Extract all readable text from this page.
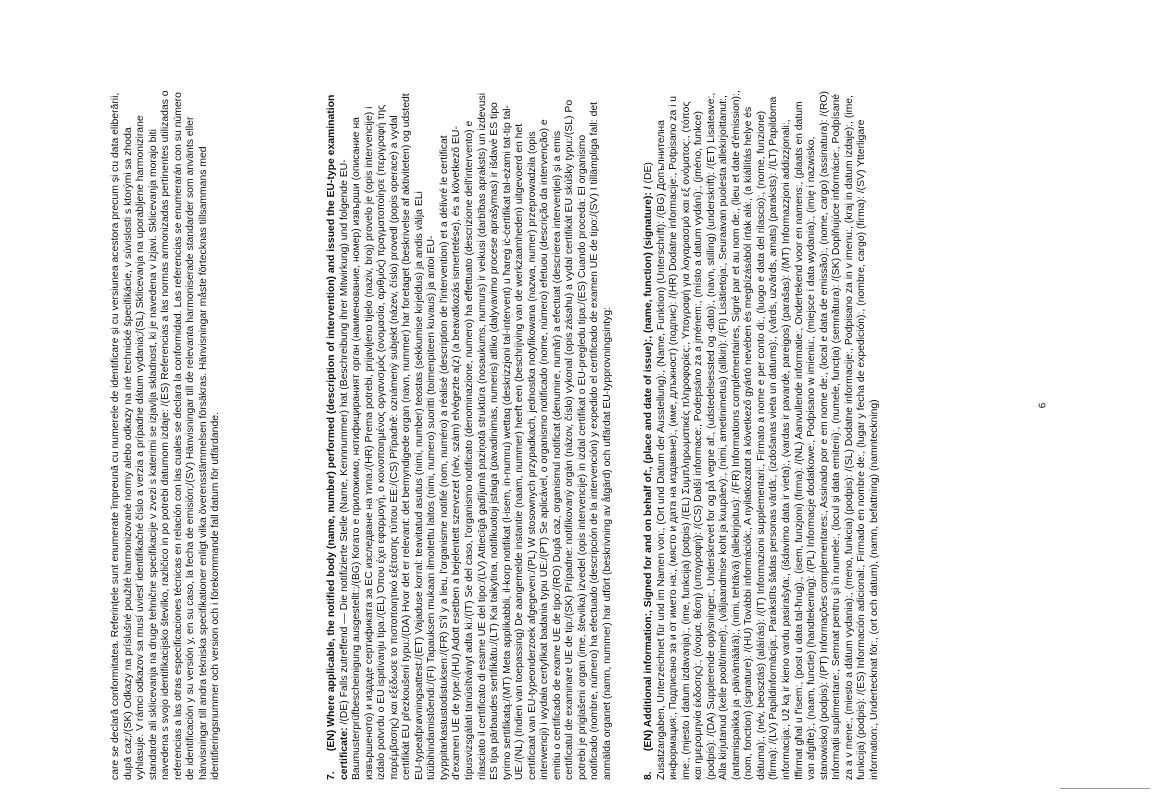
care se declară conformitatea. Referințele sunt enumerate împreună cu numerele de identificare și cu versiunea acestora precum și cu data eliberării, după caz;/(SK) Odkazy na príslušné použité harmonizované normy alebo odkazy na iné technické špecifikácie, v súvislosti s ktorými sa zhoda vyhlasuje. V rámci odkazov sa musí uviesť identifikačné číslo a verzia a prípadne dátum vydania;/(SL) Sklicevanja na uporabljene harmonizirane standarde ali sklicevanja na druge tehnične specifikacije v zvezi s katerimi se izjavlja skladnost, ki je navedena v izjavi. Sklicevanja morajo biti navedena s svojo identifikacijsko številko, različico in po potrebi datumom izdaje: /(ES) Referencias a las normas armonizadas pertinentes utilizadas o referencias a las otras especificaciones técnicas en relación con las cuales se declara la conformidad. Las referencias se enumerarán con su número de identificación y su versión y, en su caso, la fecha de emisión;/(SV) Hänvisningar till de relevanta harmoniserade standarder som använts eller hänvisningar till andra tekniska specifikationer enligt vilka överensstämmelsen försäkras. Hänvisningar måste förtecknas tillsammans med identifieringsnummer och version och i förekommande fall datum för utfärdande.	7. (EN) Where applicable, the notified body (name, number) performed (description of intervention) and issued the EU-type examination certificate: /(DE) Falls zutreffend — Die notifizierte Stelle (Name, Kennnummer) hat (Beschreibung ihrer Mitwirkung) und folgende EU-Baumusterprüfbescheinigung ausgestellt:;/(BG) Когато е приложимо, нотифицираният орган (наименование, номер) извърши (описание на извършеното) и издаде сертификата за ЕС изследване на типа:/(HR) Prema potrebi, prijavljeno tijelo (naziv, broj) provelo je (opis intervencije) i izdalo potvrdu o EU ispitivanju tipa:/(EL) Όπου έχει εφαρμογή, ο κοινοποιημένος οργανισμός (ονομασία, αριθμός) πραγματοποίησε (περιγραφή της παρέμβασης) και εξέδωσε το πιστοποιητικό εξέτασης τύπου ΕΕ:/(CS) Případně: oznámený subjekt (název, číslo) provedl (popis operace) a vydal certifikát EU přezkoušení typu:/(DA) Hvor det er relevant: det bemyndigede organ (navn, nummer) har foretaget (beskrivelse af aktiviteten) og udstedt EU-typeafprøvningsattest:/(ET) Vajaduse korral: teavitatud asutus (nimi, number) teostas (sekkumise kirjeldus) ja andis välja ELi tüübihindamistõendi:/(FI) Tapauksen mukaan ilmoitettu laitos (nimi, numero) suoritti (toimenpiteen kuvaus) ja antoi EU-tyyppitarkastustodistuksen:/(FR) S'il y a lieu, l'organisme notifié (nom, numéro) a réalisé (description de l'intervention) et a délivré le certificat d'examen UE de type:/(HU) Adott esetben a bejelentett szervezet (név, szám) elvégezte a(z) (a beavatkozás ismertetése), és a következő EU-típusvizsgálati tanúsítványt adta ki:/(IT) Se del caso, l'organismo notificato (denominazione, numero) ha effettuato (descrizione dell'intervento) e rilasciato il certificato di esame UE del tipo:/(LV) Attiecīgā gadījumā paziņotā struktūra (nosaukums, numurs) ir veikusi (darbības apraksts) un izdevusi ES tipa pārbaudes sertifikātu:/(LT) Kai taikytina, notifikuotoji įstaiga (pavadinimas, numeris) atliko (dalyvavimo procese aprašymas) ir išdavė ES tipo tyrimo sertifikatą:/(MT) Meta applikabbli, il-korp notifikat (l-isem, in-numru) wettaq (deskrizzjoni tal-intervent) u ħareġ iċ-ċertifikat tal-eżami tat-tip tal-UE:/(NL) (Indien van toepassing) De aangemelde instantie (naam, nummer) heeft een (beschrijving van de werkzaamheden) uitgevoerd en het certificaat van EU-typeonderzoek afgegeven:/(PL) W stosownych przypadkach, jednostka notyfikowana (nazwa, numer) przeprowadziła (opis interwencji) i wydała certyfikat badania typu UE:/(PT) Se aplicável, o organismo notificado (nome, número) efetuou (descrição da intervenção) e emitiu o certificado de exame UE de tipo:/(RO) După caz, organismul notificat (denumire, număr) a efectuat (descrierea intervenției) și a emis certificatul de examinare UE de tip:/(SK) Prípadne: notifikovaný orgán (názov, číslo) vykonal (opis zásahu) a vydal certifikát EU skúšky typu:/(SL) Po potrebi je priglašeni organ (ime, številka) izvedel (opis intervencije) in izdal certifikat o EU-pregledu tipa:/(ES) Cuando proceda: El organismo notificado (nombre, número) ha efectuado (descripción de la intervención) y expedido el certificado de examen UE de tipo:/(SV) I tillämpliga fall: det anmälda organet (namn, nummer) har utfört (beskrivning av åtgärd) och utfärdat EU-typprovningsintyg:	8. (EN) Additional information:, Signed for and on behalf of:, (place and date of issue):, (name, function) (signature): / (DE) Zusatzangaben, Unterzeichnet für und im Namen von:, (Ort und Datum der Ausstellung):, (Name, Funktion) (Unterschrift): /(BG) Допълнителна информация:, Подписано за и от името на:, (място и дата на издаване):, (име, длъжност) (подпис): /(HR) Dodatne informacije:, Potpisano za i u ime:, (mjesto i datum izdavanja):, (ime, funkcija) (potpis) /(EL) Συμπληρωματικές πληροφορίες:, Υπογραφή για λογαριασμό και εξ ονόματος:, (τόπος και ημερομηνία έκδοσης):, (όνομα, θέση) (υπογραφή): /(CS) Další informace:, Podepsáno za a jménem:, (místo a datum vydání):, (jméno, funkce) (podpis): /(DA) Supplerende oplysninger:, Underskrevet for og på vegne af:, (udstedelsessted og -dato):, (navn, stilling) (underskrift): /(ET) Lisateave:, Alla kirjutanud (kelle poolt/nimel):, (väljaandmise koht ja kuupäev):, (nimi, ametinimetus) (allkiri): /(FI) Lisätietoja:, Seuraavan puolesta allekirjoittanut:, (antamispaikka ja -päivämäärä):, (nimi, tehtävä) (allekirjoitus): /(FR) Informations complémentaires, Signé par et au nom de:, (lieu et date d'émission):, (nom, fonction) (signature): /(HU) További információk:, A nyilatkozatot a következő gyártó nevében és megbízásából írták alá:, (a kiállítás helye és dátuma):, (név, beosztás) (aláírás): /(IT) Informazioni supplementari:, Firmato a nome e per conto di:, (luogo e data del rilascio):, (nome, funzione) (firma): /(LV) Papildinformācija:, Parakstīts šādas personas vārdā:, (izdošanas vieta un datums):, (vārds, uzvārds, amats) (paraksts): /(LT) Papildoma informacija:, Už ką ir kieno vardu pasirašyta:, (išdavimo data ir vieta):, (vardas ir pavardė, pareigos) (parašas): /(MT) Informazzjoni addizzjonali:, Iffirmat għal u f'isem:, (post u data tal-ħruġ):, (isem, funzjoni) (firma): /(NL) Aanvullende informatie:, Ondertekend voor en namens:, (plaats en datum van afgifte):, (naam, functie) (handtekening): /(PL) Informacje dodatkowe:, Podpisano w imieniu:, (miejsce i data wydania):, (imię i nazwisko, stanowisko) (podpis): /(PT) Informações complementares:, Assinado por e em nome de:, (local e data de emissão):, (nome, cargo) (assinatura): /(RO) Informații suplimentare:, Semnat pentru și în numele:, (locul și data emiterii):, (numele, funcția) (semnătura): /(SK) Doplňujúce informácie:, Podpísané za a v mene:, (miesto a dátum vydania):, (meno, funkcia) (podpis): /(SL) Dodatne informacije:, Podpisano za in v imenu:, (kraj in datum izdaje):, (ime, funkcija) (podpis): /(ES) Información adicional:, Firmado en nombre de:, (lugar y fecha de expedición):, (nombre, cargo) (firma): /(SV) Ytterligare information:, Undertecknat för:, (ort och datum), (namn, befattning) (namnteckning)	6
